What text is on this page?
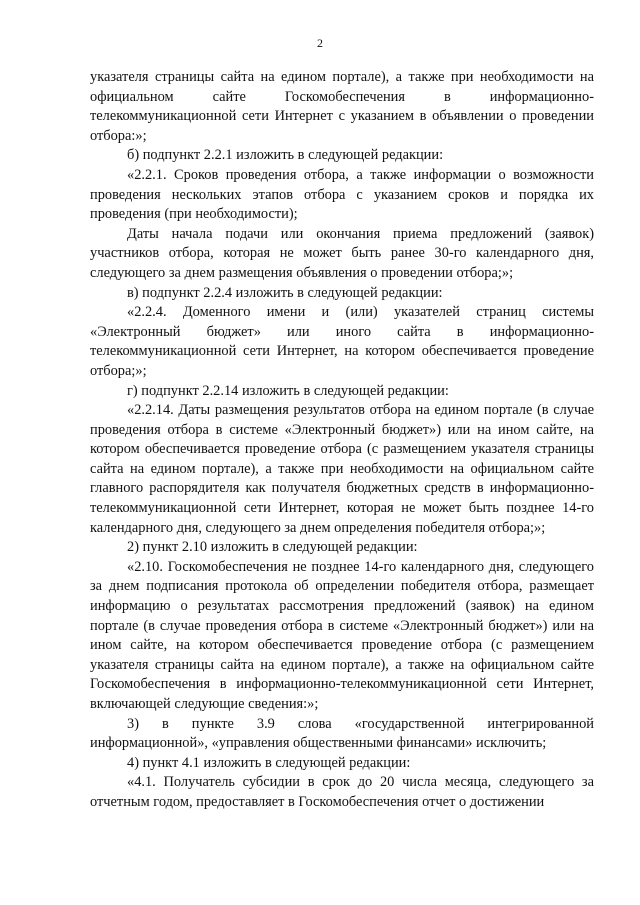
2

указателя страницы сайта на едином портале), а также при необходимости на официальном сайте Госкомобеспечения в информационно-телекоммуникационной сети Интернет с указанием в объявлении о проведении отбора:»;

б) подпункт 2.2.1 изложить в следующей редакции:

«2.2.1. Сроков проведения отбора, а также информации о возможности проведения нескольких этапов отбора с указанием сроков и порядка их проведения (при необходимости);

Даты начала подачи или окончания приема предложений (заявок) участников отбора, которая не может быть ранее 30-го календарного дня, следующего за днем размещения объявления о проведении отбора;»;

в) подпункт 2.2.4 изложить в следующей редакции:

«2.2.4. Доменного имени и (или) указателей страниц системы «Электронный бюджет» или иного сайта в информационно-телекоммуникационной сети Интернет, на котором обеспечивается проведение отбора;»;

г) подпункт 2.2.14 изложить в следующей редакции:

«2.2.14. Даты размещения результатов отбора на едином портале (в случае проведения отбора в системе «Электронный бюджет») или на ином сайте, на котором обеспечивается проведение отбора (с размещением указателя страницы сайта на едином портале), а также при необходимости на официальном сайте главного распорядителя как получателя бюджетных средств в информационно-телекоммуникационной сети Интернет, которая не может быть позднее 14-го календарного дня, следующего за днем определения победителя отбора;»;

2) пункт 2.10 изложить в следующей редакции:

«2.10. Госкомобеспечения не позднее 14-го календарного дня, следующего за днем подписания протокола об определении победителя отбора, размещает информацию о результатах рассмотрения предложений (заявок) на едином портале (в случае проведения отбора в системе «Электронный бюджет») или на ином сайте, на котором обеспечивается проведение отбора (с размещением указателя страницы сайта на едином портале), а также на официальном сайте Госкомобеспечения в информационно-телекоммуникационной сети Интернет, включающей следующие сведения:»;

3) в пункте 3.9 слова «государственной интегрированной информационной», «управления общественными финансами» исключить;

4) пункт 4.1 изложить в следующей редакции:

«4.1. Получатель субсидии в срок до 20 числа месяца, следующего за отчетным годом, предоставляет в Госкомобеспечения отчет о достижении
